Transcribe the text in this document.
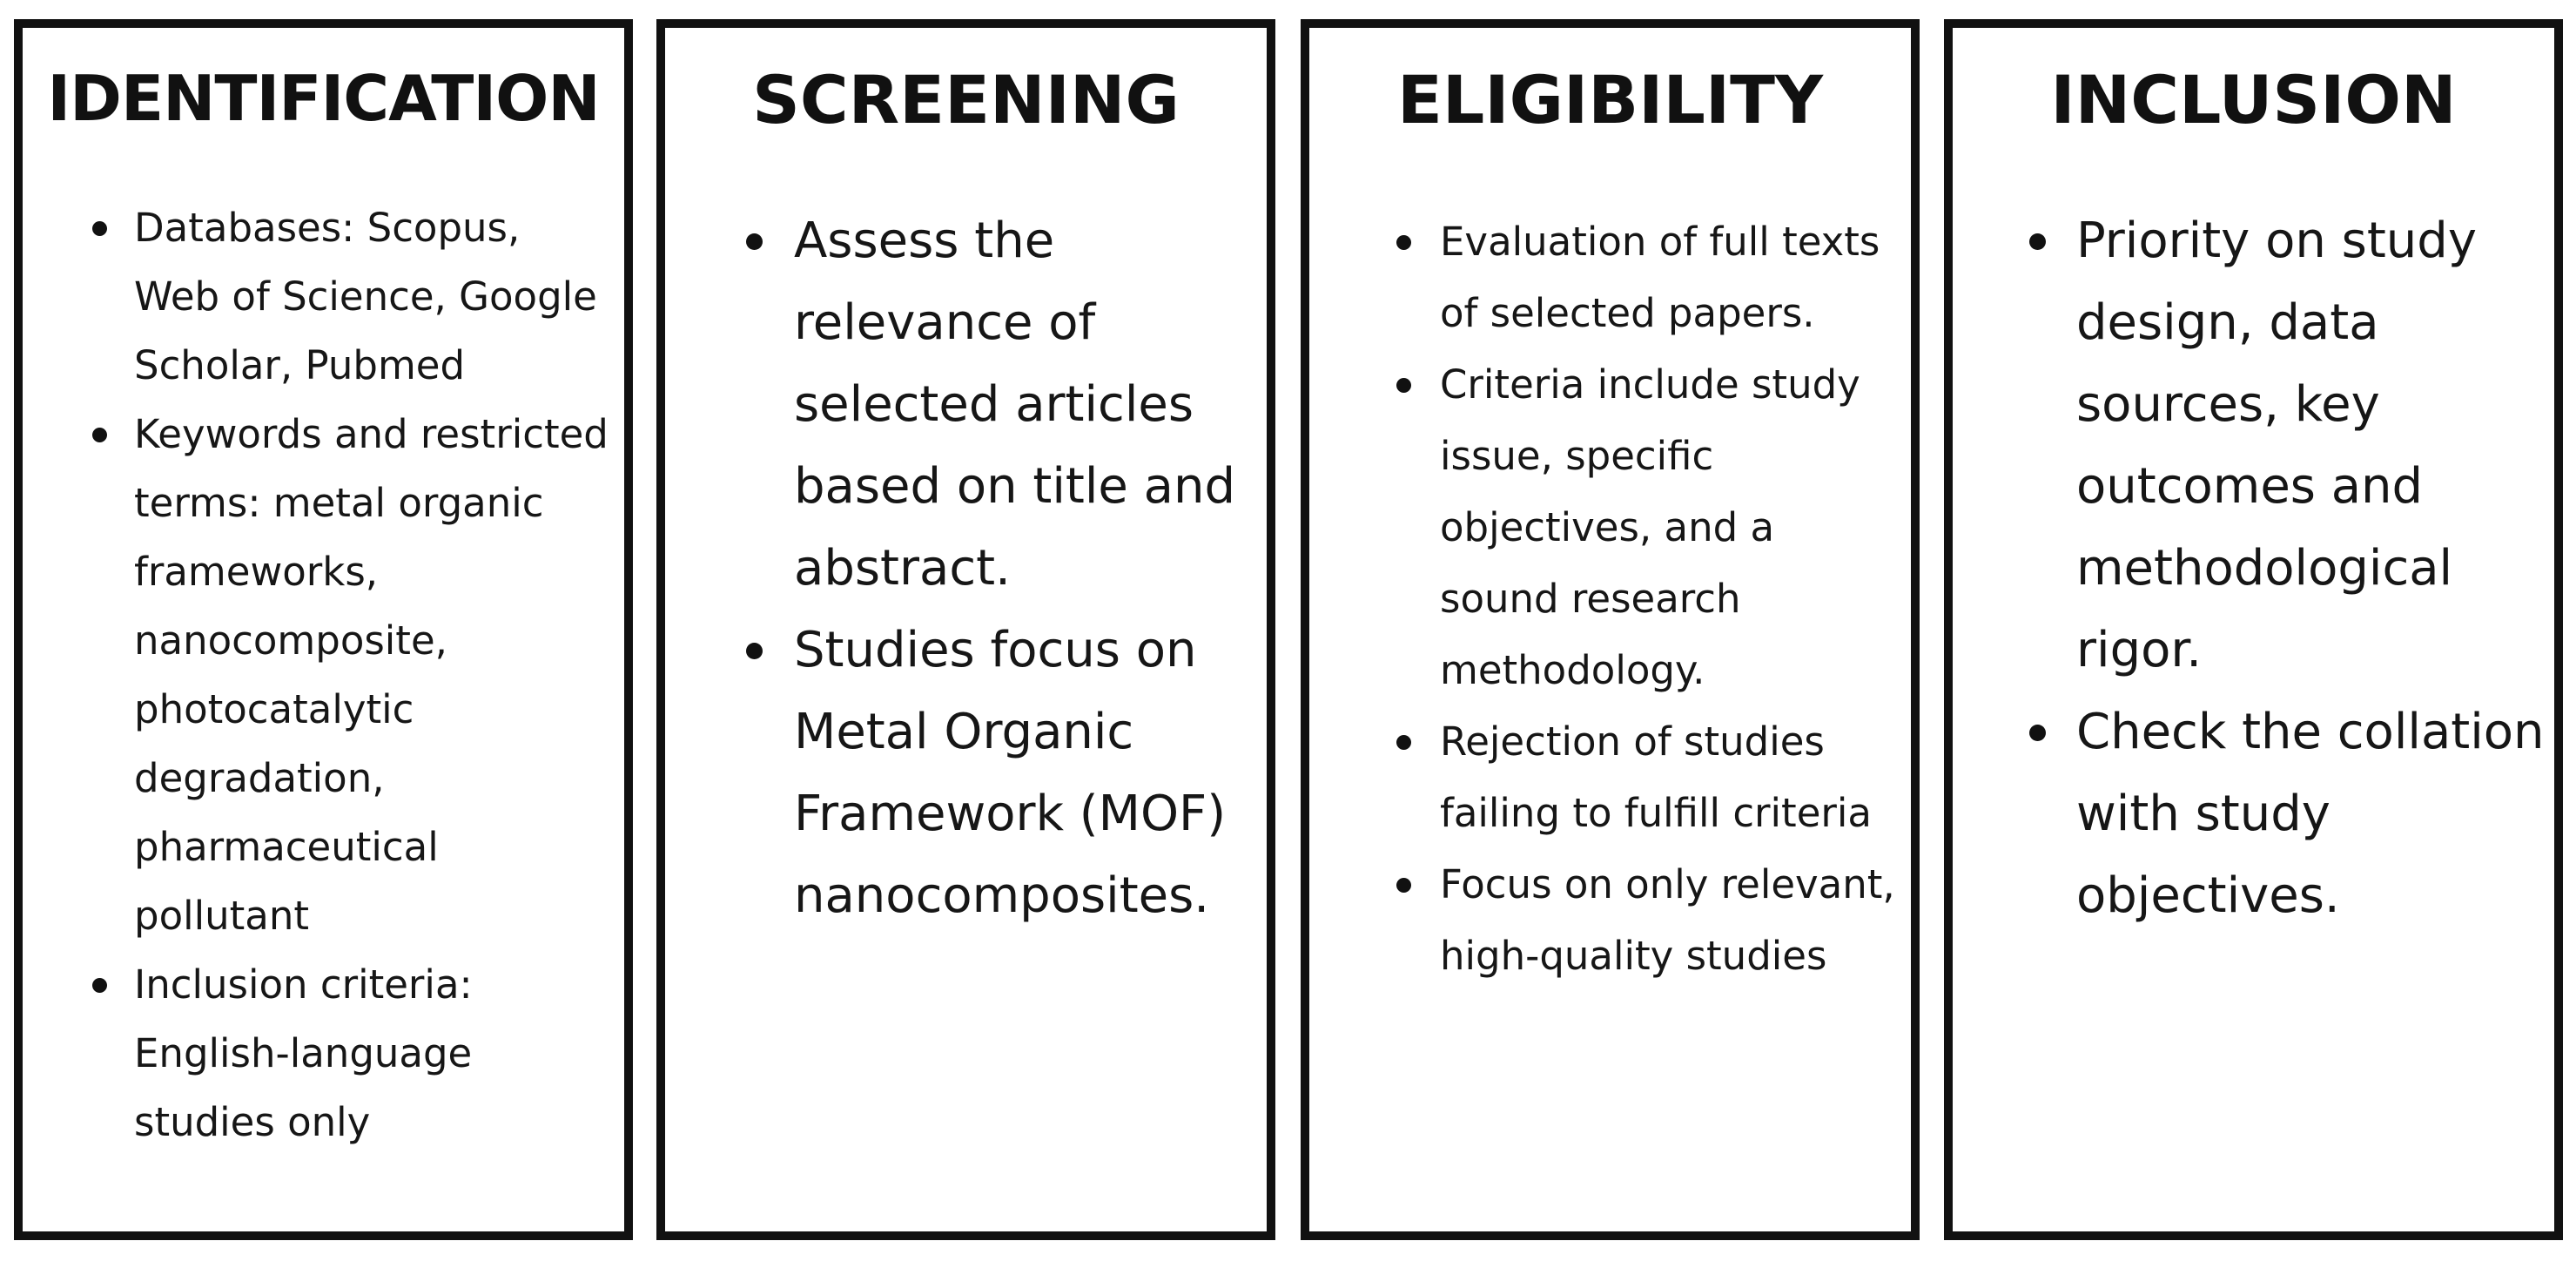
IDENTIFICATION
Databases: Scopus, Web of Science, Google Scholar, Pubmed
Keywords and restricted terms: metal organic frameworks, nanocomposite, photocatalytic degradation, pharmaceutical pollutant
Inclusion criteria: English-language studies only
SCREENING
Assess the relevance of selected articles based on title and abstract.
Studies focus on Metal Organic Framework (MOF) nanocomposites.
ELIGIBILITY
Evaluation of full texts of selected papers.
Criteria include study issue, specific objectives, and a sound research methodology.
Rejection of studies failing to fulfill criteria
Focus on only relevant, high-quality studies
INCLUSION
Priority on study design, data sources, key outcomes and methodological rigor.
Check the collation with study objectives.
